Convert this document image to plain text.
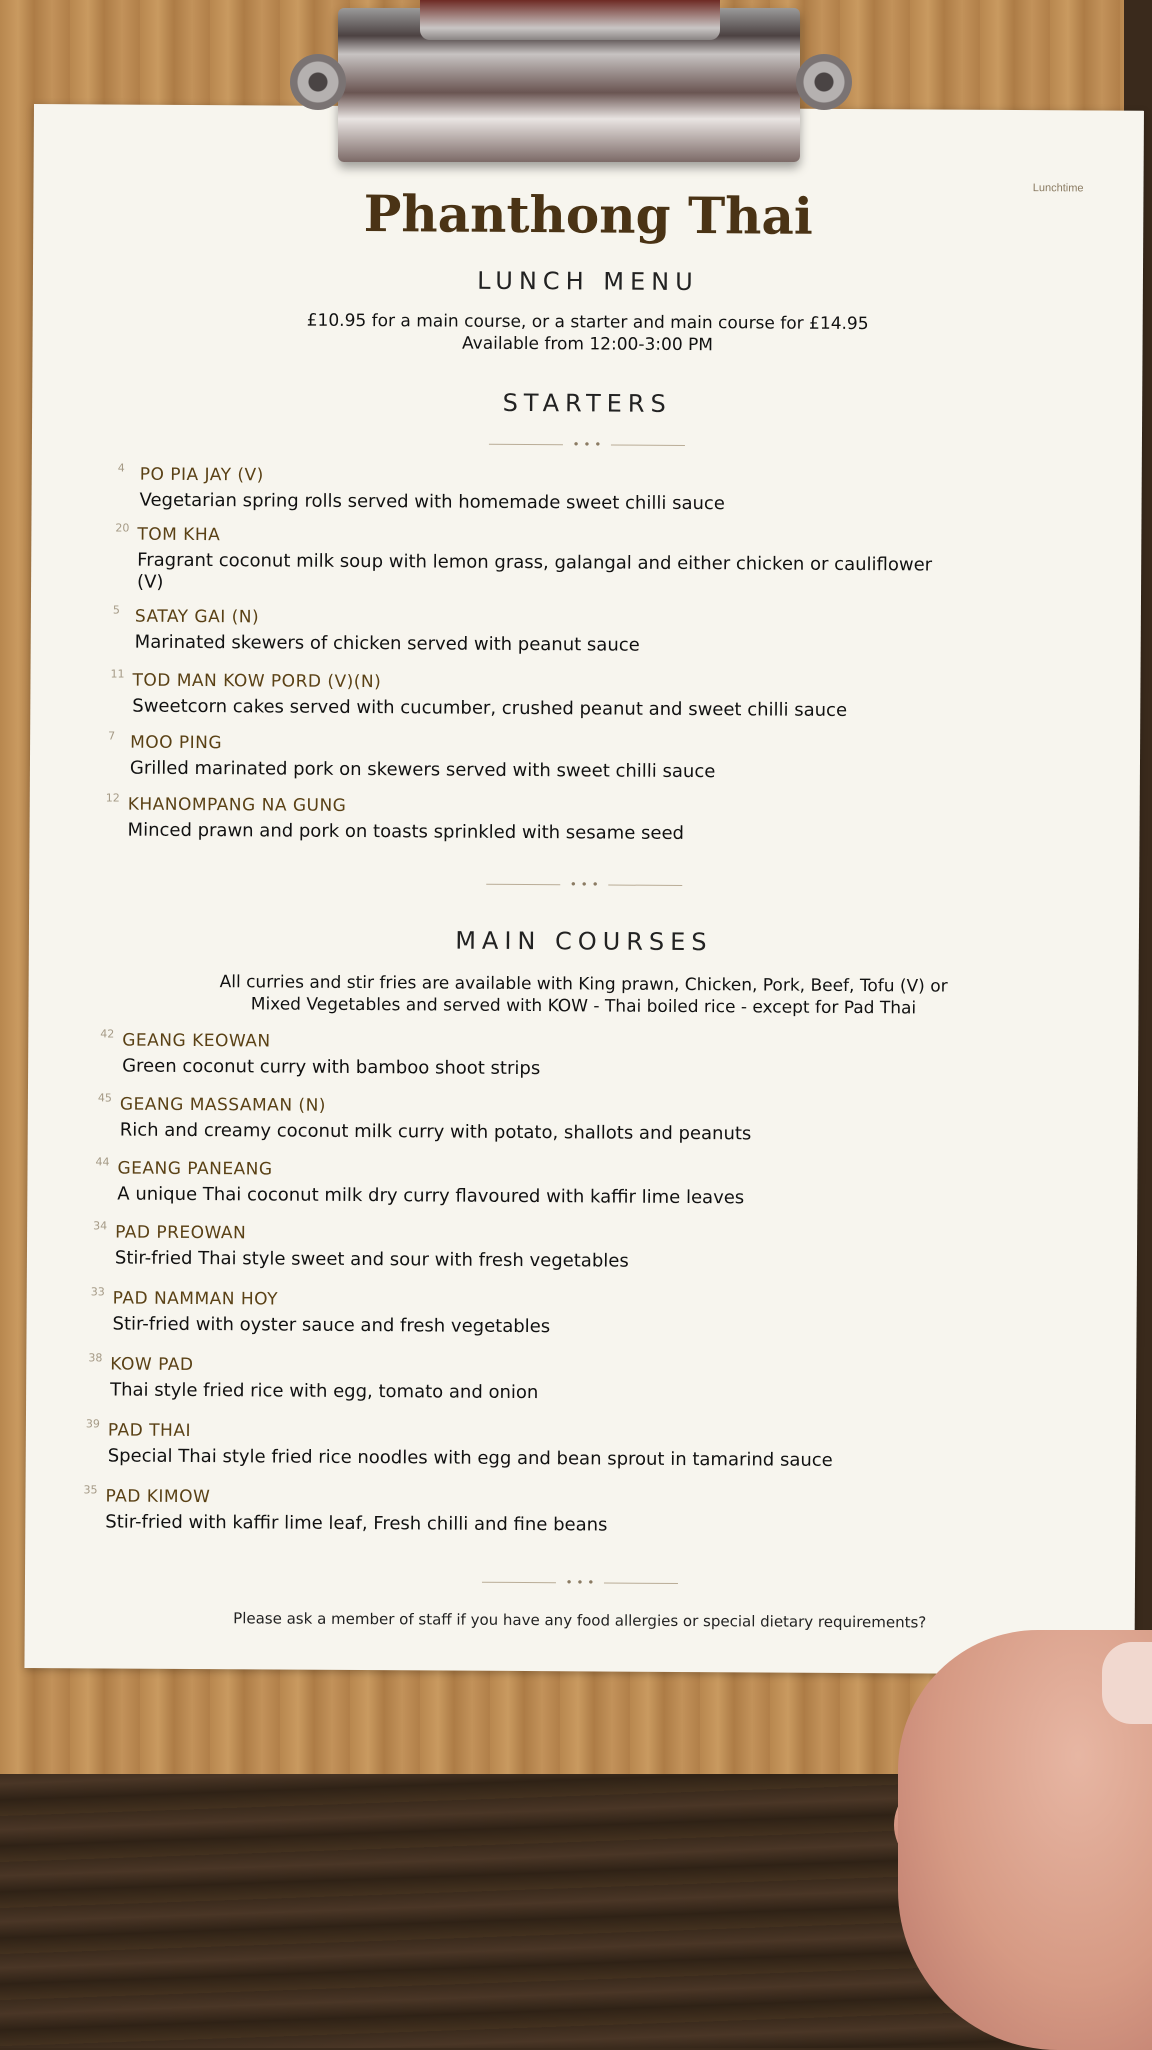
Lunchtime
Phanthong Thai
LUNCH MENU
£10.95 for a main course, or a starter and main course for £14.95
Available from 12:00-3:00 PM
STARTERS
• • •
4 PO PIA JAY (V)
Vegetarian spring rolls served with homemade sweet chilli sauce
20 TOM KHA
Fragrant coconut milk soup with lemon grass, galangal and either chicken or cauliflower (V)
5 SATAY GAI (N)
Marinated skewers of chicken served with peanut sauce
11 TOD MAN KOW PORD (V)(N)
Sweetcorn cakes served with cucumber, crushed peanut and sweet chilli sauce
7 MOO PING
Grilled marinated pork on skewers served with sweet chilli sauce
12 KHANOMPANG NA GUNG
Minced prawn and pork on toasts sprinkled with sesame seed
• • •
MAIN COURSES
All curries and stir fries are available with King prawn, Chicken, Pork, Beef, Tofu (V) or
Mixed Vegetables and served with KOW - Thai boiled rice - except for Pad Thai
42 GEANG KEOWAN
Green coconut curry with bamboo shoot strips
45 GEANG MASSAMAN (N)
Rich and creamy coconut milk curry with potato, shallots and peanuts
44 GEANG PANEANG
A unique Thai coconut milk dry curry flavoured with kaffir lime leaves
34 PAD PREOWAN
Stir-fried Thai style sweet and sour with fresh vegetables
33 PAD NAMMAN HOY
Stir-fried with oyster sauce and fresh vegetables
38 KOW PAD
Thai style fried rice with egg, tomato and onion
39 PAD THAI
Special Thai style fried rice noodles with egg and bean sprout in tamarind sauce
35 PAD KIMOW
Stir-fried with kaffir lime leaf, Fresh chilli and fine beans
• • •
Please ask a member of staff if you have any food allergies or special dietary requirements?
